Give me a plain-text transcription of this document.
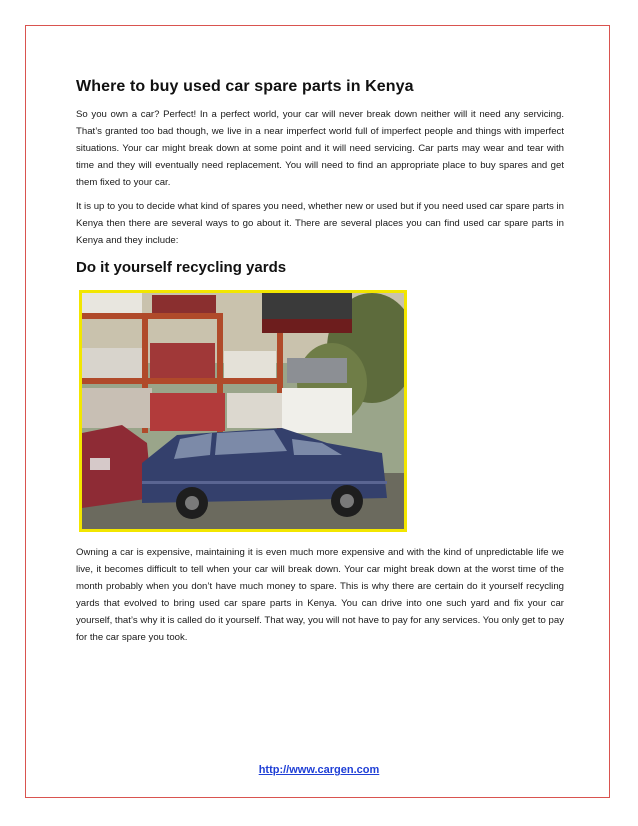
Where to buy used car spare parts in Kenya

So you own a car? Perfect! In a perfect world, your car will never break down neither will it need any servicing. That’s granted too bad though, we live in a near imperfect world full of imperfect people and things with imperfect situations. Your car might break down at some point and it will need servicing. Car parts may wear and tear with time and they will eventually need replacement. You will need to find an appropriate place to buy spares and get them fixed to your car.

It is up to you to decide what kind of spares you need, whether new or used but if you need used car spare parts in Kenya then there are several ways to go about it. There are several places you can find used car spare parts in Kenya and they include:

Do it yourself recycling yards

Owning a car is expensive, maintaining it is even much more expensive and with the kind of unpredictable life we live, it becomes difficult to tell when your car will break down. Your car might break down at the worst time of the month probably when you don’t have much money to spare. This is why there are certain do it yourself recycling yards that evolved to bring used car spare parts in Kenya. You can drive into one such yard and fix your car yourself, that’s why it is called do it yourself. That way, you will not have to pay for any services. You only get to pay for the car spare you took.

http://www.cargen.com
